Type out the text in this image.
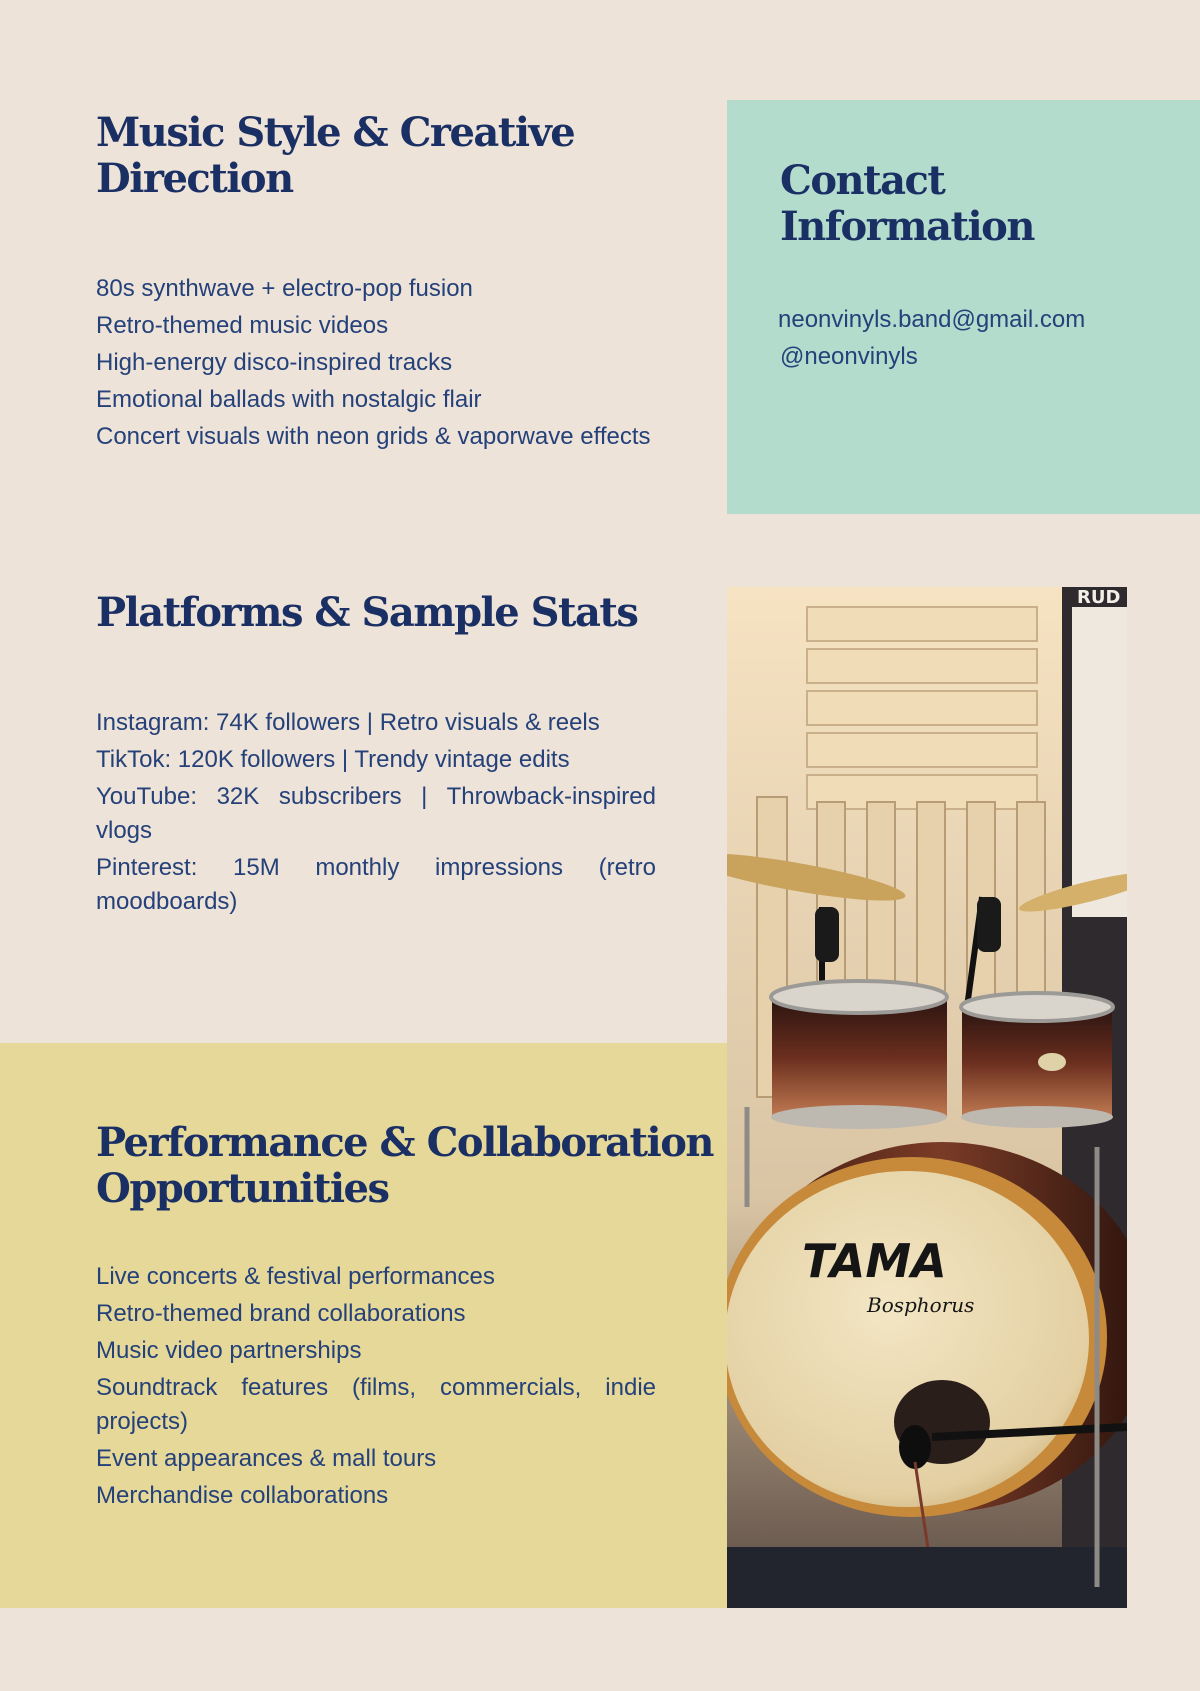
Contact
Information
neonvinyls.band@gmail.com
@neonvinyls
Music Style & Creative
Direction
80s synthwave + electro-pop fusion
Retro-themed music videos
High-energy disco-inspired tracks
Emotional ballads with nostalgic flair
Concert visuals with neon grids & vaporwave effects
Platforms & Sample Stats
Instagram: 74K followers | Retro visuals & reels
TikTok: 120K followers | Trendy vintage edits
YouTube: 32K subscribers | Throwback-inspired vlogs
Pinterest: 15M monthly impressions (retro moodboards)
Performance & Collaboration
Opportunities
Live concerts & festival performances
Retro-themed brand collaborations
Music video partnerships
Soundtrack features (films, commercials, indie projects)
Event appearances & mall tours
Merchandise collaborations
RUD
TAMA
Bosphorus
